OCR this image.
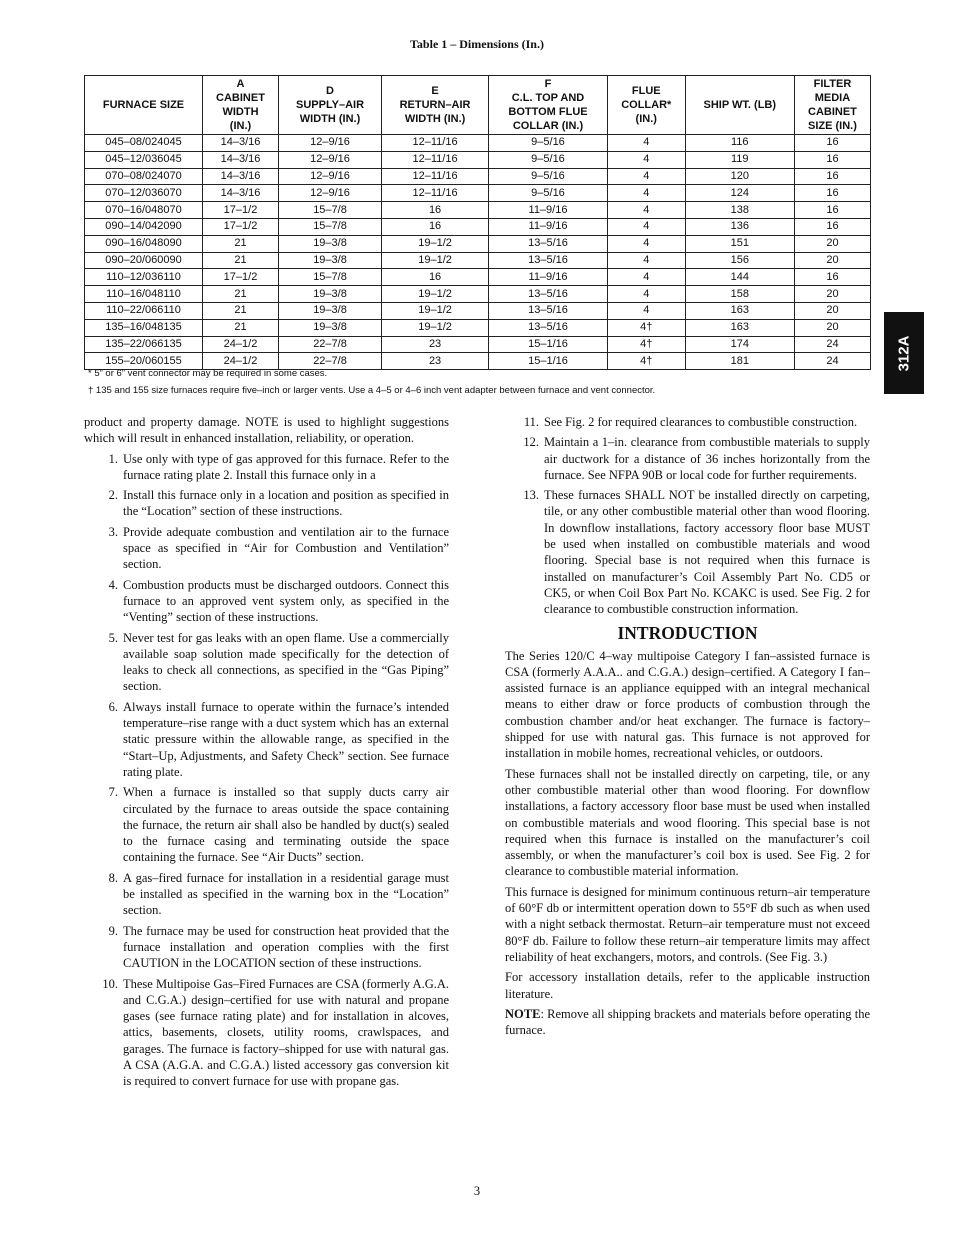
Table 1 – Dimensions (In.)
FURNACE SIZE	A
CABINET
WIDTH
(IN.)	D
SUPPLY–AIR
WIDTH (IN.)	E
RETURN–AIR
WIDTH (IN.)	F
C.L. TOP AND
BOTTOM FLUE
COLLAR (IN.)	FLUE
COLLAR*
(IN.)	SHIP WT. (LB)	FILTER
MEDIA
CABINET
SIZE (IN.)
045–08/024045	14–3/16	12–9/16	12–11/16	9–5/16	4	116	16
045–12/036045	14–3/16	12–9/16	12–11/16	9–5/16	4	119	16
070–08/024070	14–3/16	12–9/16	12–11/16	9–5/16	4	120	16
070–12/036070	14–3/16	12–9/16	12–11/16	9–5/16	4	124	16
070–16/048070	17–1/2	15–7/8	16	11–9/16	4	138	16
090–14/042090	17–1/2	15–7/8	16	11–9/16	4	136	16
090–16/048090	21	19–3/8	19–1/2	13–5/16	4	151	20
090–20/060090	21	19–3/8	19–1/2	13–5/16	4	156	20
110–12/036110	17–1/2	15–7/8	16	11–9/16	4	144	16
110–16/048110	21	19–3/8	19–1/2	13–5/16	4	158	20
110–22/066110	21	19–3/8	19–1/2	13–5/16	4	163	20
135–16/048135	21	19–3/8	19–1/2	13–5/16	4†	163	20
135–22/066135	24–1/2	22–7/8	23	15–1/16	4†	174	24
155–20/060155	24–1/2	22–7/8	23	15–1/16	4†	181	24
* 5” or 6” vent connector may be required in some cases.
† 135 and 155 size furnaces require five–inch or larger vents. Use a 4–5 or 4–6 inch vent adapter between furnace and vent connector.
312A

product and property damage. NOTE is used to highlight suggestions which will result in enhanced installation, reliability, or operation.

1. Use only with type of gas approved for this furnace. Refer to the furnace rating plate 2. Install this furnace only in a
2. Install this furnace only in a location and position as specified in the “Location” section of these instructions.
3. Provide adequate combustion and ventilation air to the furnace space as specified in “Air for Combustion and Ventilation” section.
4. Combustion products must be discharged outdoors. Connect this furnace to an approved vent system only, as specified in the “Venting” section of these instructions.
5. Never test for gas leaks with an open flame. Use a commercially available soap solution made specifically for the detection of leaks to check all connections, as specified in the “Gas Piping” section.
6. Always install furnace to operate within the furnace’s intended temperature–rise range with a duct system which has an external static pressure within the allowable range, as specified in the “Start–Up, Adjustments, and Safety Check” section. See furnace rating plate.
7. When a furnace is installed so that supply ducts carry air circulated by the furnace to areas outside the space containing the furnace, the return air shall also be handled by duct(s) sealed to the furnace casing and terminating outside the space containing the furnace. See “Air Ducts” section.
8. A gas–fired furnace for installation in a residential garage must be installed as specified in the warning box in the “Location” section.
9. The furnace may be used for construction heat provided that the furnace installation and operation complies with the first CAUTION in the LOCATION section of these instructions.
10. These Multipoise Gas–Fired Furnaces are CSA (formerly A.G.A. and C.G.A.) design–certified for use with natural and propane gases (see furnace rating plate) and for installation in alcoves, attics, basements, closets, utility rooms, crawlspaces, and garages. The furnace is factory–shipped for use with natural gas. A CSA (A.G.A. and C.G.A.) listed accessory gas conversion kit is required to convert furnace for use with propane gas.
11. See Fig. 2 for required clearances to combustible construction.
12. Maintain a 1–in. clearance from combustible materials to supply air ductwork for a distance of 36 inches horizontally from the furnace. See NFPA 90B or local code for further requirements.
13. These furnaces SHALL NOT be installed directly on carpeting, tile, or any other combustible material other than wood flooring. In downflow installations, factory accessory floor base MUST be used when installed on combustible materials and wood flooring. Special base is not required when this furnace is installed on manufacturer’s Coil Assembly Part No. CD5 or CK5, or when Coil Box Part No. KCAKC is used. See Fig. 2 for clearance to combustible construction information.
INTRODUCTION

The Series 120/C 4–way multipoise Category I fan–assisted furnace is CSA (formerly A.A.A.. and C.G.A.) design–certified. A Category I fan–assisted furnace is an appliance equipped with an integral mechanical means to either draw or force products of combustion through the combustion chamber and/or heat exchanger. The furnace is factory–shipped for use with natural gas. This furnace is not approved for installation in mobile homes, recreational vehicles, or outdoors.

These furnaces shall not be installed directly on carpeting, tile, or any other combustible material other than wood flooring. For downflow installations, a factory accessory floor base must be used when installed on combustible materials and wood flooring. This special base is not required when this furnace is installed on the manufacturer’s coil assembly, or when the manufacturer’s coil box is used. See Fig. 2 for clearance to combustible material information.

This furnace is designed for minimum continuous return–air temperature of 60°F db or intermittent operation down to 55°F db such as when used with a night setback thermostat. Return–air temperature must not exceed 80°F db. Failure to follow these return–air temperature limits may affect reliability of heat exchangers, motors, and controls. (See Fig. 3.)

For accessory installation details, refer to the applicable instruction literature.

NOTE: Remove all shipping brackets and materials before operating the furnace.

3
